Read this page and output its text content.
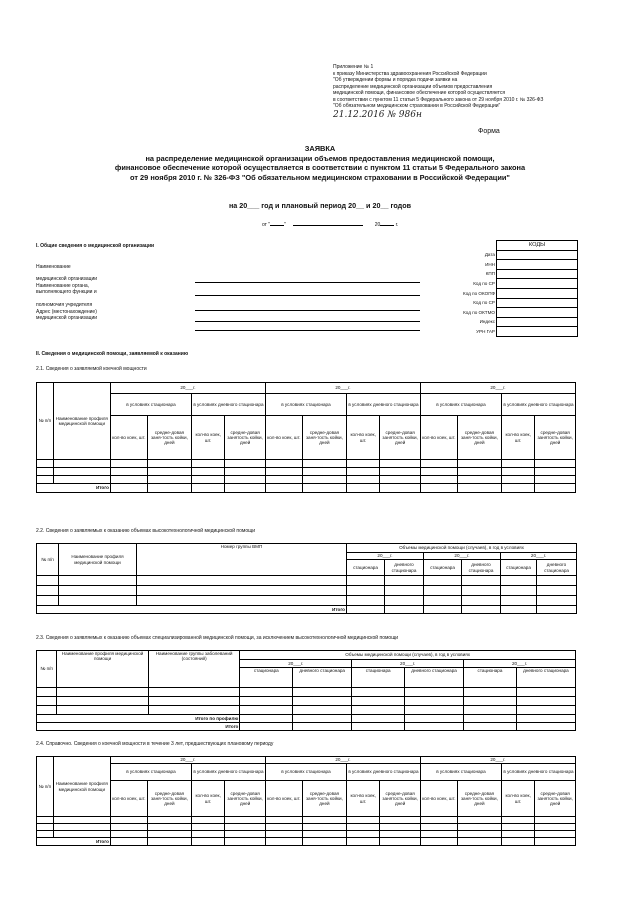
Приложение № 1
к приказу Министерства здравоохранения Российской Федерации
"Об утверждении формы и порядка подачи заявки на
распределение медицинской организации объемов предоставления
медицинской помощи, финансовое обеспечение которой осуществляется
в соответствии с пунктом 11 статьи 5 Федерального закона от 29 ноября 2010 г. № 326-ФЗ
"Об обязательном медицинском страховании в Российской Федерации"
21.12.2016 № 986н
Форма
ЗАЯВКА
на распределение медицинской организации объемов предоставления медицинской помощи,
финансовое обеспечение которой осуществляется в соответствии с пунктом 11 статьи 5 Федерального закона
от 29 ноября 2010 г. № 326-ФЗ "Об обязательном медицинском страховании в Российской Федерации"
на 20___ год и плановый период 20__ и 20__ годов
от "	"	20	г.
I. Общие сведения о медицинской организации
Наименование
медицинской организации
Наименование органа,
выполняющего функции и
полномочия учредителя
Адрес (местонахождение)
медицинской организации
	КОДЫ
Дата	
ИНН	
КПП	
Код по СР	
Код по ОКОПФ	
Код по СР	
Код по ОКТМО	
Индекс	
УРН ГАР	
II. Сведения о медицинской помощи, заявляемой к оказанию
2.1. Сведения о заявляемой коечной мощности
№ п/п	Наименование профиля медицинской помощи	20___г.				20___г.				20___г.			
		в условиях стационара		в условиях дневного стационара		в условиях стационара		в условиях дневного стационара		в условиях стационара		в условиях дневного стационара	
		кол-во коек, шт.	средне-довая заня-тость койки, дней	кол-во коек, шт.	средне-довая занятость койки, дней	кол-во коек, шт.	средне-довая заня-тость койки, дней	кол-во коек, шт.	средне-довая занятость койки, дней	кол-во коек, шт.	средне-довая заня-тость койки, дней	кол-во коек, шт.	средне-довая занятость койки, дней

Итого													
2.2. Сведения о заявляемых к оказанию объемах высокотехнологичной медицинской помощи
№ п/п	Наименование профиля медицинской помощи	Номер группы ВМП	Объемы медицинской помощи (случаев), в год в условиях					
			20___г.		20___г.		20___г.	
			стационара	дневного стационара	стационара	дневного стационара	стационара	дневного стационара

Итого								
2.3. Сведения о заявляемых к оказанию объемах специализированной медицинской помощи, за исключением высокотехнологичной медицинской помощи
№ п/п	Наименование профиля медицинской помощи	Наименование группы заболеваний (состояний)	Объемы медицинской помощи (случаев), в год в условиях					
			20___г.		20___г.		20___г.	
			стационара	дневного стационара	стационара	дневного стационара	стационара	дневного стационара

Итого по профилю								
Итого								
2.4. Справочно. Сведения о коечной мощности в течение 3 лет, предшествующих плановому периоду
№ п/п	Наименование профиля медицинской помощи	20___г.				20___г.				20___г.			
		в условиях стационара		в условиях дневного стационара		в условиях стационара		в условиях дневного стационара		в условиях стационара		в условиях дневного стационара	
		кол-во коек, шт.	средне-довая заня-тость койки, дней	кол-во коек, шт.	средне-довая занятость койки, дней	кол-во коек, шт.	средне-довая заня-тость койки, дней	кол-во коек, шт.	средне-довая занятость койки, дней	кол-во коек, шт.	средне-довая заня-тость койки, дней	кол-во коек, шт.	средне-довая занятость койки, дней

Итого													
